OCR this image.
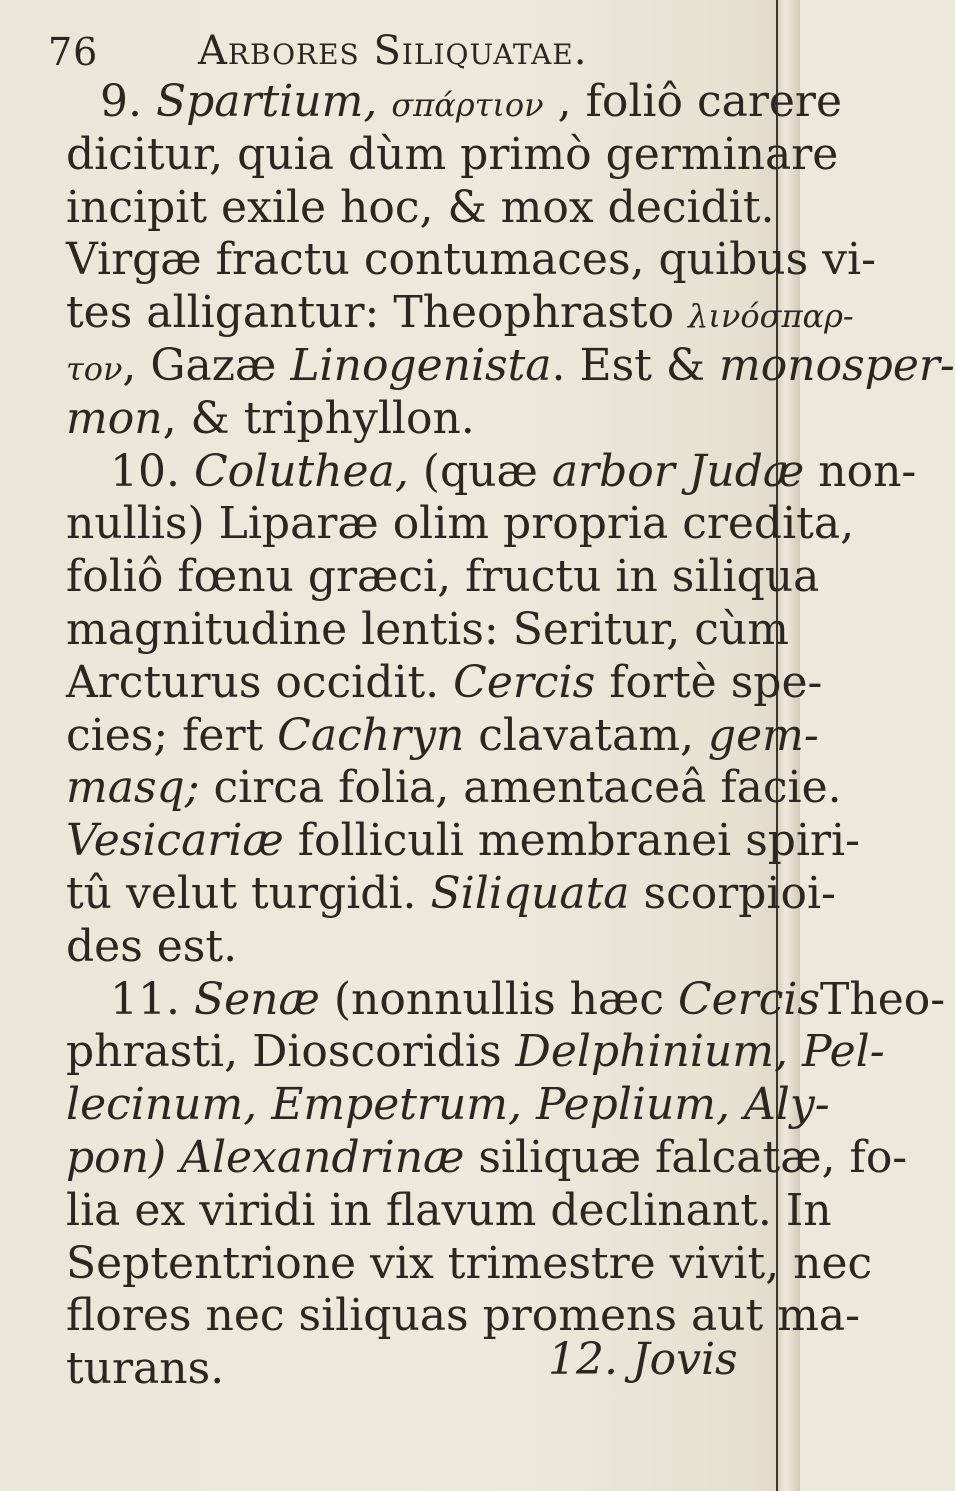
76 Arbores Siliquatae.
9. Spartium, σπάρτιον , foliô carere
dicitur, quia dùm primò germinare
incipit exile hoc, & mox decidit.
Virgæ fractu contumaces, quibus vi-
tes alligantur: Theophrasto λινόσπαρ-
τον, Gazæ Linogenista. Est & monosper-
mon, & triphyllon.
10. Coluthea, (quæ arbor Judæ non-
nullis) Liparæ olim propria credita,
foliô fœnu græci, fructu in siliqua
magnitudine lentis: Seritur, cùm
Arcturus occidit. Cercis fortè spe-
cies; fert Cachryn clavatam, gem-
masq; circa folia, amentaceâ facie.
Vesicariæ folliculi membranei spiri-
tû velut turgidi. Siliquata scorpioi-
des est.
11. Senæ (nonnullis hæc CercisTheo-
phrasti, Dioscoridis Delphinium, Pel-
lecinum, Empetrum, Peplium, Aly-
pon) Alexandrinæ siliquæ falcatæ, fo-
lia ex viridi in flavum declinant. In
Septentrione vix trimestre vivit, nec
flores nec siliquas promens aut ma-
turans.	12. Jovis
